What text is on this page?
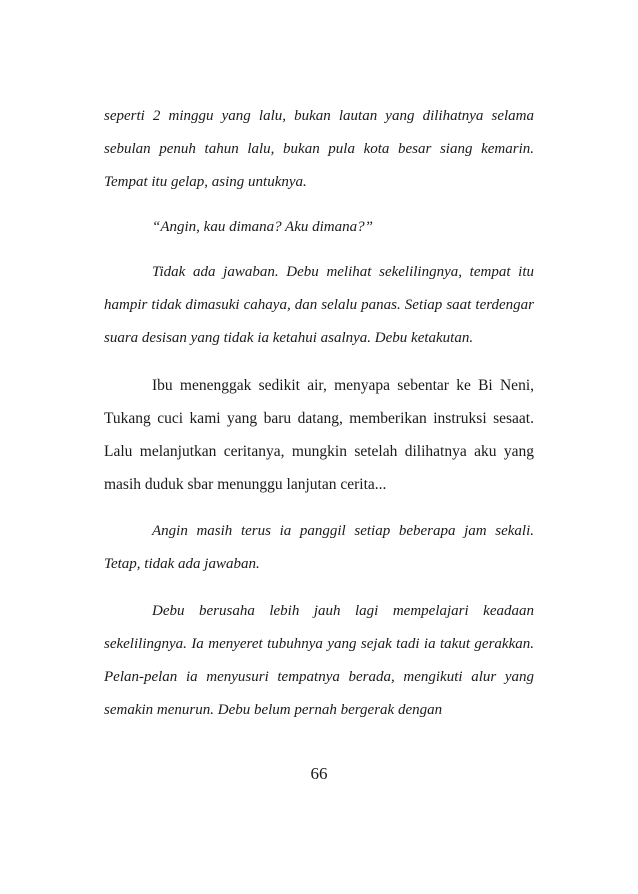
seperti 2 minggu yang lalu, bukan lautan yang dilihatnya selama sebulan penuh tahun lalu, bukan pula kota besar siang kemarin. Tempat itu gelap, asing untuknya.

“Angin, kau dimana? Aku dimana?”

Tidak ada jawaban. Debu melihat sekelilingnya, tempat itu hampir tidak dimasuki cahaya, dan selalu panas. Setiap saat terdengar suara desisan yang tidak ia ketahui asalnya. Debu ketakutan.

Ibu menenggak sedikit air, menyapa sebentar ke Bi Neni, Tukang cuci kami yang baru datang, memberikan instruksi sesaat. Lalu melanjutkan ceritanya, mungkin setelah dilihatnya aku yang masih duduk sbar menunggu lanjutan cerita...

Angin masih terus ia panggil setiap beberapa jam sekali. Tetap, tidak ada jawaban.

Debu berusaha lebih jauh lagi mempelajari keadaan sekelilingnya. Ia menyeret tubuhnya yang sejak tadi ia takut gerakkan. Pelan-pelan ia menyusuri tempatnya berada, mengikuti alur yang semakin menurun. Debu belum pernah bergerak dengan

66
